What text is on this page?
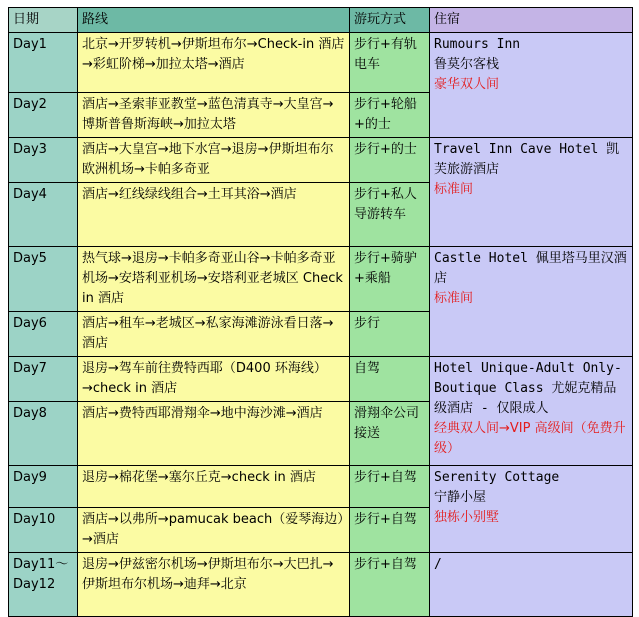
日期	路线	游玩方式	住宿
Day1	北京→开罗转机→伊斯坦布尔→Check-in 酒店→彩虹阶梯→加拉太塔→酒店	步行+有轨电车	Rumours Inn
鲁莫尔客栈
豪华双人间

Day2	酒店→圣索菲亚教堂→蓝色清真寺→大皇宫→博斯普鲁斯海峡→加拉太塔	步行+轮船+的士	
Day3	酒店→大皇宫→地下水宫→退房→伊斯坦布尔欧洲机场→卡帕多奇亚	步行+的士	Travel Inn Cave Hotel 凯芙旅游酒店
标准间

Day4	酒店→红线绿线组合→土耳其浴→酒店	步行+私人导游转车	
Day5	热气球→退房→卡帕多奇亚山谷→卡帕多奇亚机场→安塔利亚机场→安塔利亚老城区 Check in 酒店	步行+骑驴+乘船	Castle Hotel 佩里塔马里汉酒店
标准间

Day6	酒店→租车→老城区→私家海滩游泳看日落→酒店	步行	
Day7	退房→驾车前往费特西耶（D400 环海线）→check in 酒店	自驾	Hotel Unique-Adult Only-Boutique Class 尤妮克精品级酒店 - 仅限成人
经典双人间→VIP 高级间（免费升级）

Day8	酒店→费特西耶滑翔伞→地中海沙滩→酒店	滑翔伞公司接送	
Day9	退房→棉花堡→塞尔丘克→check in 酒店	步行+自驾	Serenity Cottage
宁静小屋
独栋小别墅

Day10	酒店→以弗所→pamucak beach（爱琴海边）→酒店	步行+自驾	
Day11～Day12	退房→伊兹密尔机场→伊斯坦布尔→大巴扎→伊斯坦布尔机场→迪拜→北京	步行+自驾	/
